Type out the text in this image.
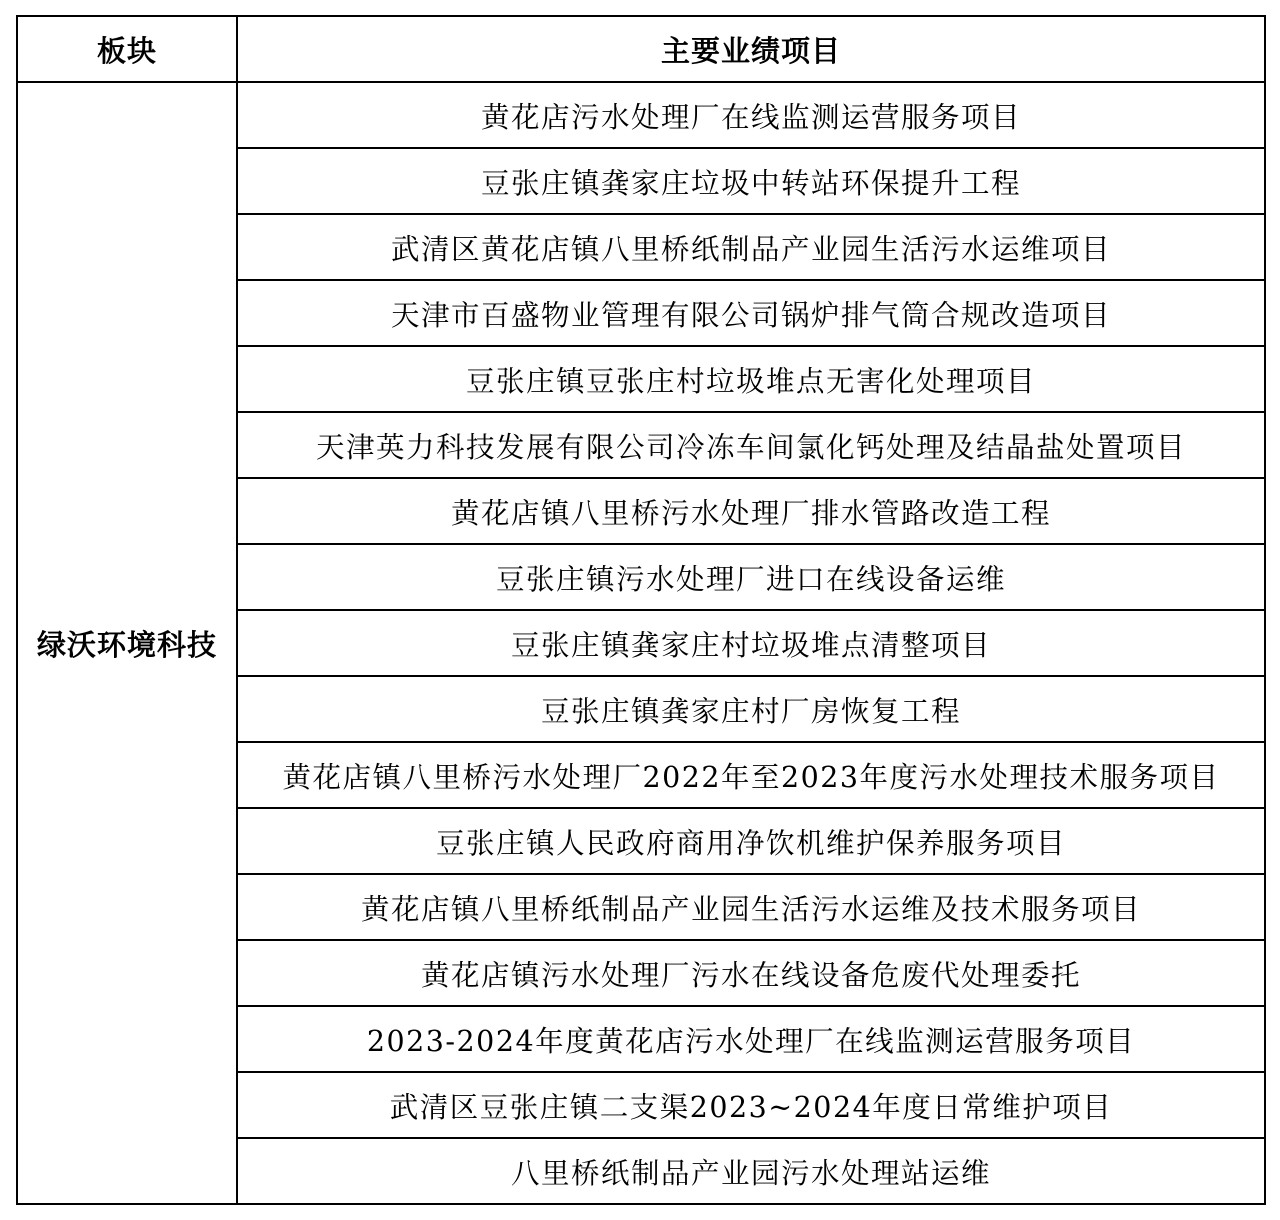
板块	主要业绩项目
绿沃环境科技	黄花店污水处理厂在线监测运营服务项目
	豆张庄镇龚家庄垃圾中转站环保提升工程
	武清区黄花店镇八里桥纸制品产业园生活污水运维项目
	天津市百盛物业管理有限公司锅炉排气筒合规改造项目
	豆张庄镇豆张庄村垃圾堆点无害化处理项目
	天津英力科技发展有限公司冷冻车间氯化钙处理及结晶盐处置项目
	黄花店镇八里桥污水处理厂排水管路改造工程
	豆张庄镇污水处理厂进口在线设备运维
	豆张庄镇龚家庄村垃圾堆点清整项目
	豆张庄镇龚家庄村厂房恢复工程
	黄花店镇八里桥污水处理厂2022年至2023年度污水处理技术服务项目
	豆张庄镇人民政府商用净饮机维护保养服务项目
	黄花店镇八里桥纸制品产业园生活污水运维及技术服务项目
	黄花店镇污水处理厂污水在线设备危废代处理委托
	2023-2024年度黄花店污水处理厂在线监测运营服务项目
	武清区豆张庄镇二支渠2023~2024年度日常维护项目
	八里桥纸制品产业园污水处理站运维
